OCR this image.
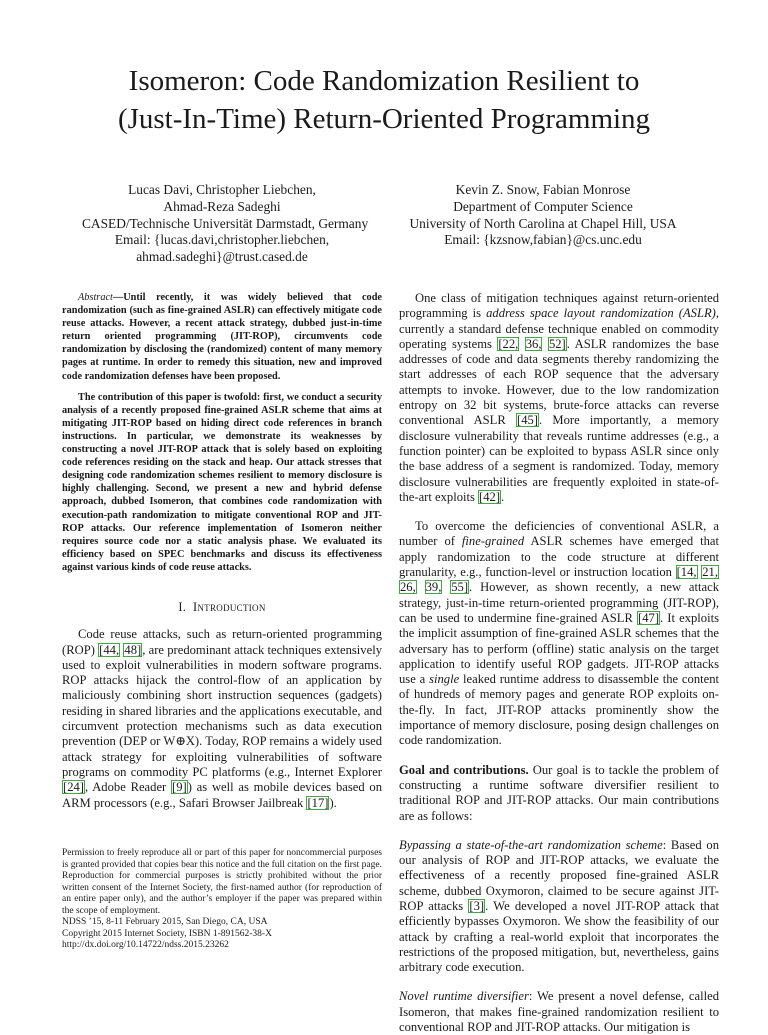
Isomeron: Code Randomization Resilient to
(Just-In-Time) Return-Oriented Programming
Lucas Davi, Christopher Liebchen,
Ahmad-Reza Sadeghi
CASED/Technische Universität Darmstadt, Germany
Email: {lucas.davi,christopher.liebchen,
ahmad.sadeghi}@trust.cased.de
Kevin Z. Snow, Fabian Monrose
Department of Computer Science
University of North Carolina at Chapel Hill, USA
Email: {kzsnow,fabian}@cs.unc.edu

Abstract—Until recently, it was widely believed that code randomization (such as fine-grained ASLR) can effectively mitigate code reuse attacks. However, a recent attack strategy, dubbed just-in-time return oriented programming (JIT-ROP), circumvents code randomization by disclosing the (randomized) content of many memory pages at runtime. In order to remedy this situation, new and improved code randomization defenses have been proposed.

The contribution of this paper is twofold: first, we conduct a security analysis of a recently proposed fine-grained ASLR scheme that aims at mitigating JIT-ROP based on hiding direct code references in branch instructions. In particular, we demonstrate its weaknesses by constructing a novel JIT-ROP attack that is solely based on exploiting code references residing on the stack and heap. Our attack stresses that designing code randomization schemes resilient to memory disclosure is highly challenging. Second, we present a new and hybrid defense approach, dubbed Isomeron, that combines code randomization with execution-path randomization to mitigate conventional ROP and JIT-ROP attacks. Our reference implementation of Isomeron neither requires source code nor a static analysis phase. We evaluated its efficiency based on SPEC benchmarks and discuss its effectiveness against various kinds of code reuse attacks.

I. Introduction

Code reuse attacks, such as return-oriented programming (ROP) [44, 48], are predominant attack techniques extensively used to exploit vulnerabilities in modern software programs. ROP attacks hijack the control-flow of an application by maliciously combining short instruction sequences (gadgets) residing in shared libraries and the applications executable, and circumvent protection mechanisms such as data execution prevention (DEP or W⊕X). Today, ROP remains a widely used attack strategy for exploiting vulnerabilities of software programs on commodity PC platforms (e.g., Internet Explorer [24], Adobe Reader [9]) as well as mobile devices based on ARM processors (e.g., Safari Browser Jailbreak [17]).

Permission to freely reproduce all or part of this paper for noncommercial purposes is granted provided that copies bear this notice and the full citation on the first page. Reproduction for commercial purposes is strictly prohibited without the prior written consent of the Internet Society, the first-named author (for reproduction of an entire paper only), and the author’s employer if the paper was prepared within the scope of employment.
NDSS ’15, 8-11 February 2015, San Diego, CA, USA
Copyright 2015 Internet Society, ISBN 1-891562-38-X
http://dx.doi.org/10.14722/ndss.2015.23262

One class of mitigation techniques against return-oriented programming is address space layout randomization (ASLR), currently a standard defense technique enabled on commodity operating systems [22, 36, 52]. ASLR randomizes the base addresses of code and data segments thereby randomizing the start addresses of each ROP sequence that the adversary attempts to invoke. However, due to the low randomization entropy on 32 bit systems, brute-force attacks can reverse conventional ASLR [45]. More importantly, a memory disclosure vulnerability that reveals runtime addresses (e.g., a function pointer) can be exploited to bypass ASLR since only the base address of a segment is randomized. Today, memory disclosure vulnerabilities are frequently exploited in state-of-the-art exploits [42].

To overcome the deficiencies of conventional ASLR, a number of fine-grained ASLR schemes have emerged that apply randomization to the code structure at different granularity, e.g., function-level or instruction location [14, 21, 26, 39, 55]. However, as shown recently, a new attack strategy, just-in-time return-oriented programming (JIT-ROP), can be used to undermine fine-grained ASLR [47]. It exploits the implicit assumption of fine-grained ASLR schemes that the adversary has to perform (offline) static analysis on the target application to identify useful ROP gadgets. JIT-ROP attacks use a single leaked runtime address to disassemble the content of hundreds of memory pages and generate ROP exploits on-the-fly. In fact, JIT-ROP attacks prominently show the importance of memory disclosure, posing design challenges on code randomization.

Goal and contributions. Our goal is to tackle the problem of constructing a runtime software diversifier resilient to traditional ROP and JIT-ROP attacks. Our main contributions are as follows:

Bypassing a state-of-the-art randomization scheme: Based on our analysis of ROP and JIT-ROP attacks, we evaluate the effectiveness of a recently proposed fine-grained ASLR scheme, dubbed Oxymoron, claimed to be secure against JIT-ROP attacks [3]. We developed a novel JIT-ROP attack that efficiently bypasses Oxymoron. We show the feasibility of our attack by crafting a real-world exploit that incorporates the restrictions of the proposed mitigation, but, nevertheless, gains arbitrary code execution.

Novel runtime diversifier: We present a novel defense, called Isomeron, that makes fine-grained randomization resilient to conventional ROP and JIT-ROP attacks. Our mitigation is
